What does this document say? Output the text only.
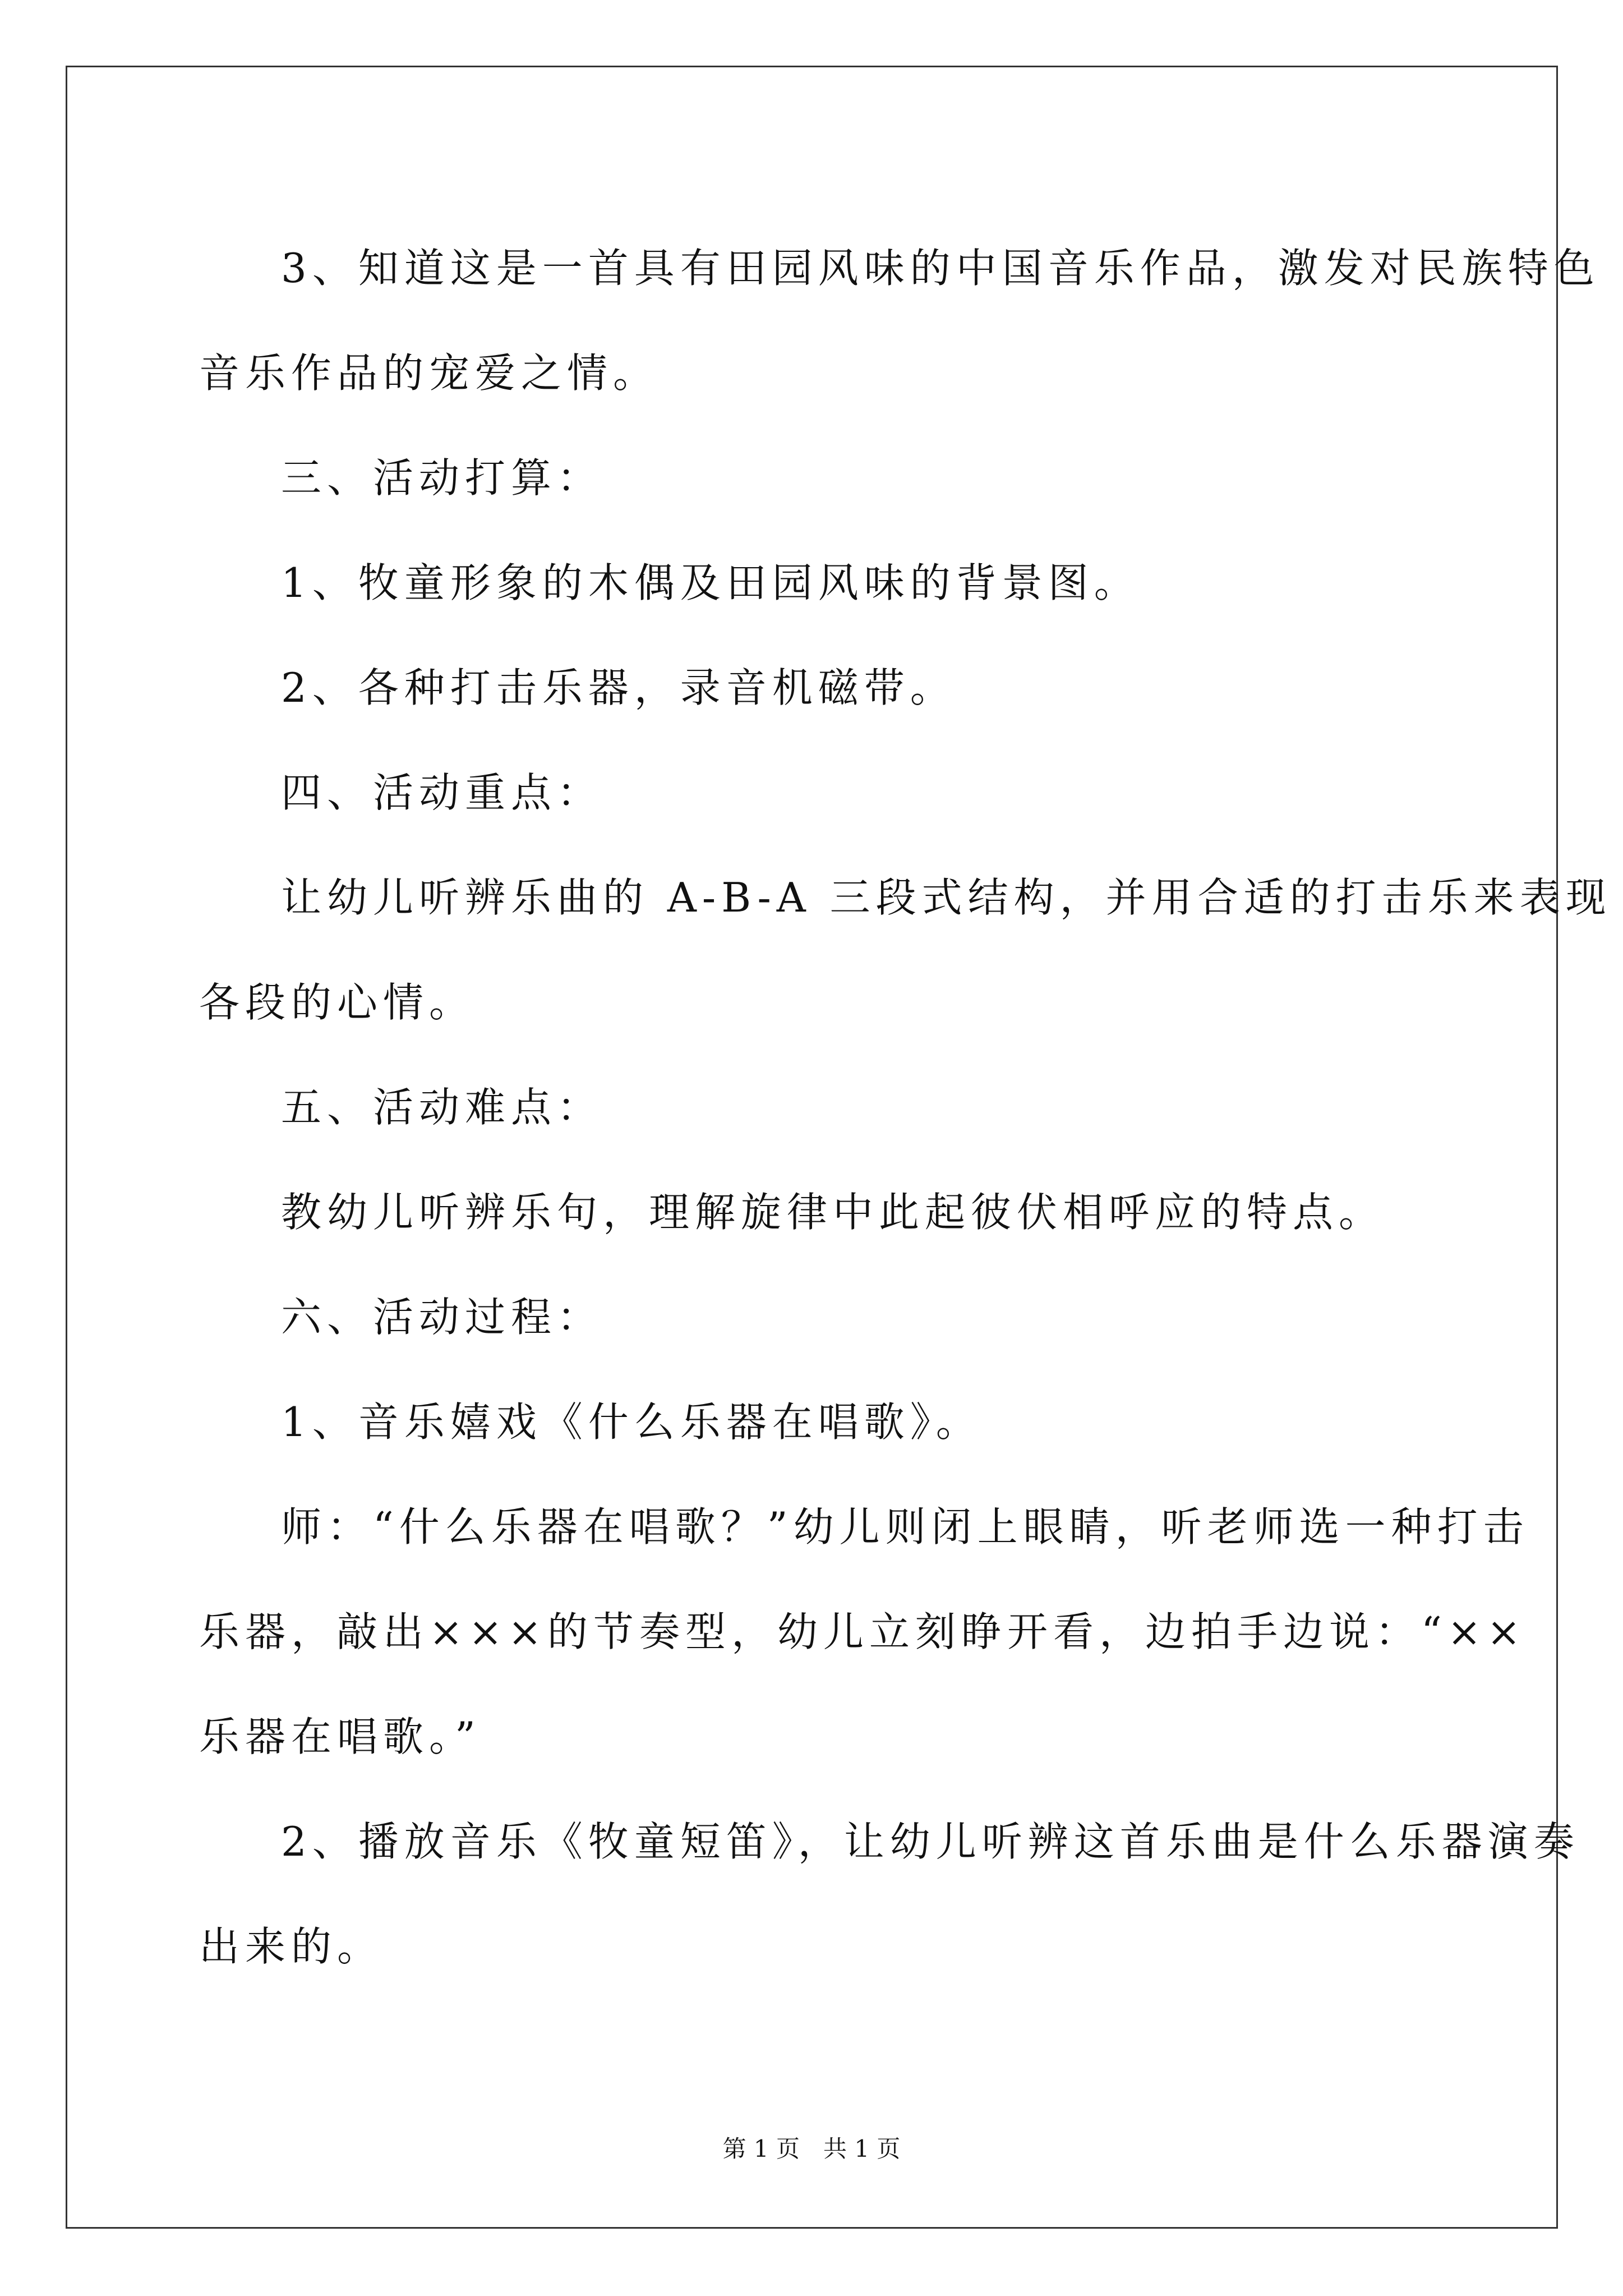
3、知道这是一首具有田园风味的中国音乐作品，激发对民族特色

音乐作品的宠爱之情。

三、活动打算：

1、牧童形象的木偶及田园风味的背景图。

2、各种打击乐器，录音机磁带。

四、活动重点：

让幼儿听辨乐曲的 A-B-A 三段式结构，并用合适的打击乐来表现

各段的心情。

五、活动难点：

教幼儿听辨乐句，理解旋律中此起彼伏相呼应的特点。

六、活动过程：

1、音乐嬉戏《什么乐器在唱歌》。

师：“什么乐器在唱歌？”幼儿则闭上眼睛，听老师选一种打击

乐器，敲出×××的节奏型，幼儿立刻睁开看，边拍手边说：“××

乐器在唱歌。”

2、播放音乐《牧童短笛》，让幼儿听辨这首乐曲是什么乐器演奏

出来的。

第 1 页　共 1 页
